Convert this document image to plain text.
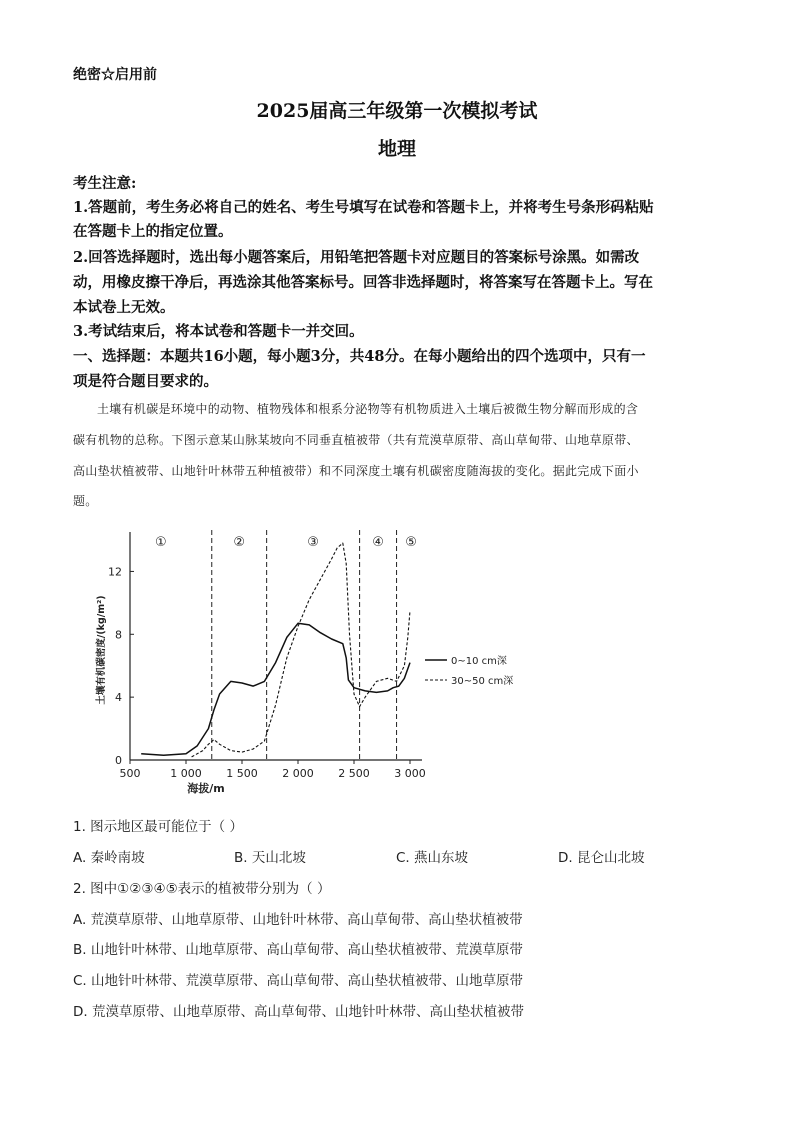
绝密☆启用前
2025届高三年级第一次模拟考试
地理
考生注意:
1.答题前，考生务必将自己的姓名、考生号填写在试卷和答题卡上，并将考生号条形码粘贴
在答题卡上的指定位置。
2.回答选择题时，选出每小题答案后，用铅笔把答题卡对应题目的答案标号涂黑。如需改
动，用橡皮擦干净后，再选涂其他答案标号。回答非选择题时，将答案写在答题卡上。写在
本试卷上无效。
3.考试结束后，将本试卷和答题卡一并交回。
一、选择题：本题共16小题，每小题3分，共48分。在每小题给出的四个选项中，只有一
项是符合题目要求的。
土壤有机碳是环境中的动物、植物残体和根系分泌物等有机物质进入土壤后被微生物分解而形成的含
碳有机物的总称。下图示意某山脉某坡向不同垂直植被带（共有荒漠草原带、高山草甸带、山地草原带、
高山垫状植被带、山地针叶林带五种植被带）和不同深度土壤有机碳密度随海拔的变化。据此完成下面小
题。
①	②	③	④ ⑤
500	1 000 1 500 2 000 2 500 3 000
0
4
8
12
海拔/m
土壤有机碳密度/(kg/m²)	0~10 cm深
30~50 cm深
1. 图示地区最可能位于（ ）
A. 秦岭南坡	B. 天山北坡	C. 燕山东坡	D. 昆仑山北坡
2. 图中①②③④⑤表示的植被带分别为（ ）
A. 荒漠草原带、山地草原带、山地针叶林带、高山草甸带、高山垫状植被带
B. 山地针叶林带、山地草原带、高山草甸带、高山垫状植被带、荒漠草原带
C. 山地针叶林带、荒漠草原带、高山草甸带、高山垫状植被带、山地草原带
D. 荒漠草原带、山地草原带、高山草甸带、山地针叶林带、高山垫状植被带
